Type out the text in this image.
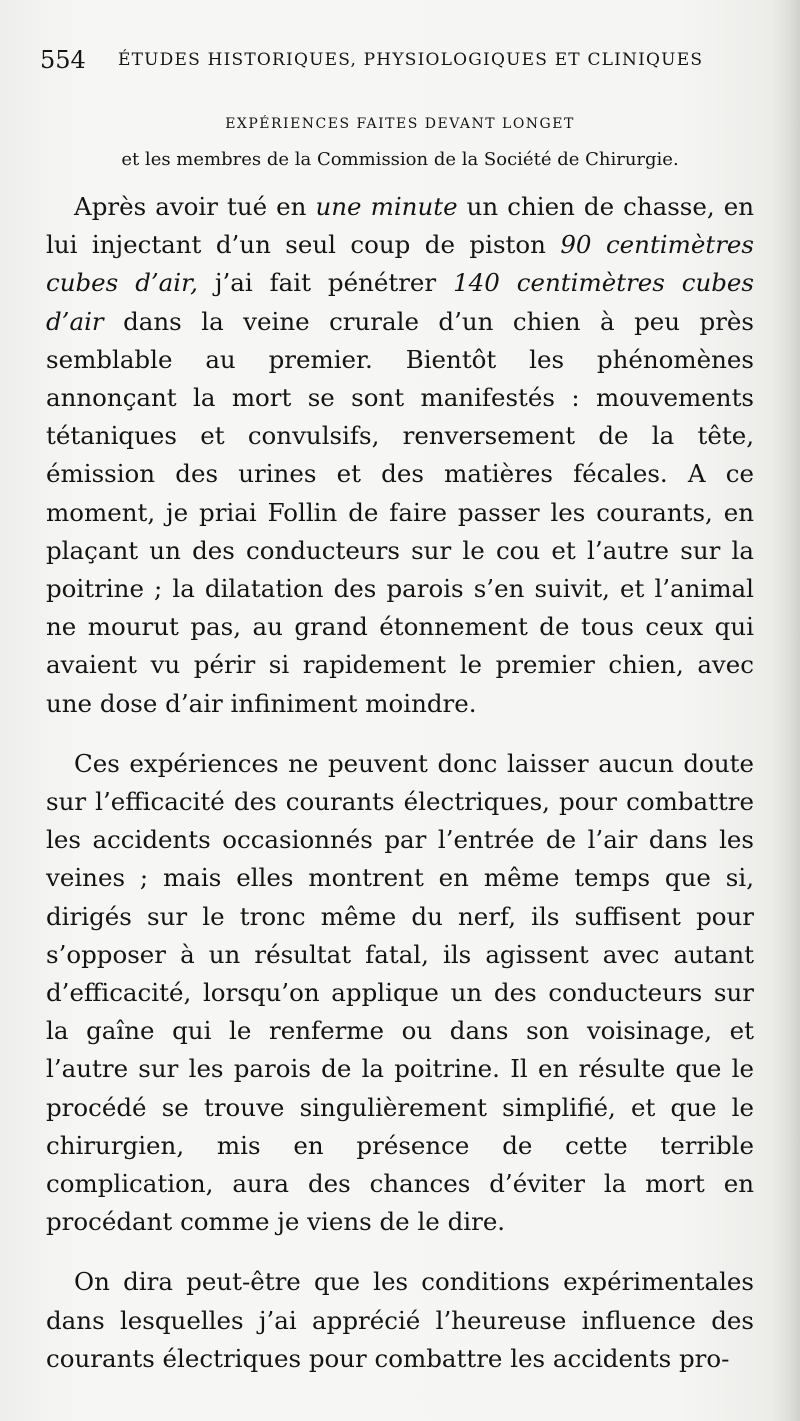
554 ÉTUDES HISTORIQUES, PHYSIOLOGIQUES ET CLINIQUES
EXPÉRIENCES FAITES DEVANT LONGET
et les membres de la Commission de la Société de Chirurgie.

Après avoir tué en une minute un chien de chasse, en lui injectant d’un seul coup de piston 90 centimètres cubes d’air, j’ai fait pénétrer 140 centimètres cubes d’air dans la veine crurale d’un chien à peu près semblable au premier. Bientôt les phénomènes annonçant la mort se sont manifestés : mouvements tétaniques et convulsifs, renversement de la tête, émission des urines et des matières fécales. A ce moment, je priai Follin de faire passer les courants, en plaçant un des conducteurs sur le cou et l’autre sur la poitrine ; la dilatation des parois s’en suivit, et l’animal ne mourut pas, au grand étonnement de tous ceux qui avaient vu périr si rapidement le premier chien, avec une dose d’air infiniment moindre.

Ces expériences ne peuvent donc laisser aucun doute sur l’efficacité des courants électriques, pour combattre les accidents occasionnés par l’entrée de l’air dans les veines ; mais elles montrent en même temps que si, dirigés sur le tronc même du nerf, ils suffisent pour s’opposer à un résultat fatal, ils agissent avec autant d’efficacité, lorsqu’on applique un des conducteurs sur la gaîne qui le renferme ou dans son voisinage, et l’autre sur les parois de la poitrine. Il en résulte que le procédé se trouve singulièrement simplifié, et que le chirurgien, mis en présence de cette terrible complication, aura des chances d’éviter la mort en procédant comme je viens de le dire.

On dira peut-être que les conditions expérimentales dans lesquelles j’ai apprécié l’heureuse influence des courants électriques pour combattre les accidents pro-
